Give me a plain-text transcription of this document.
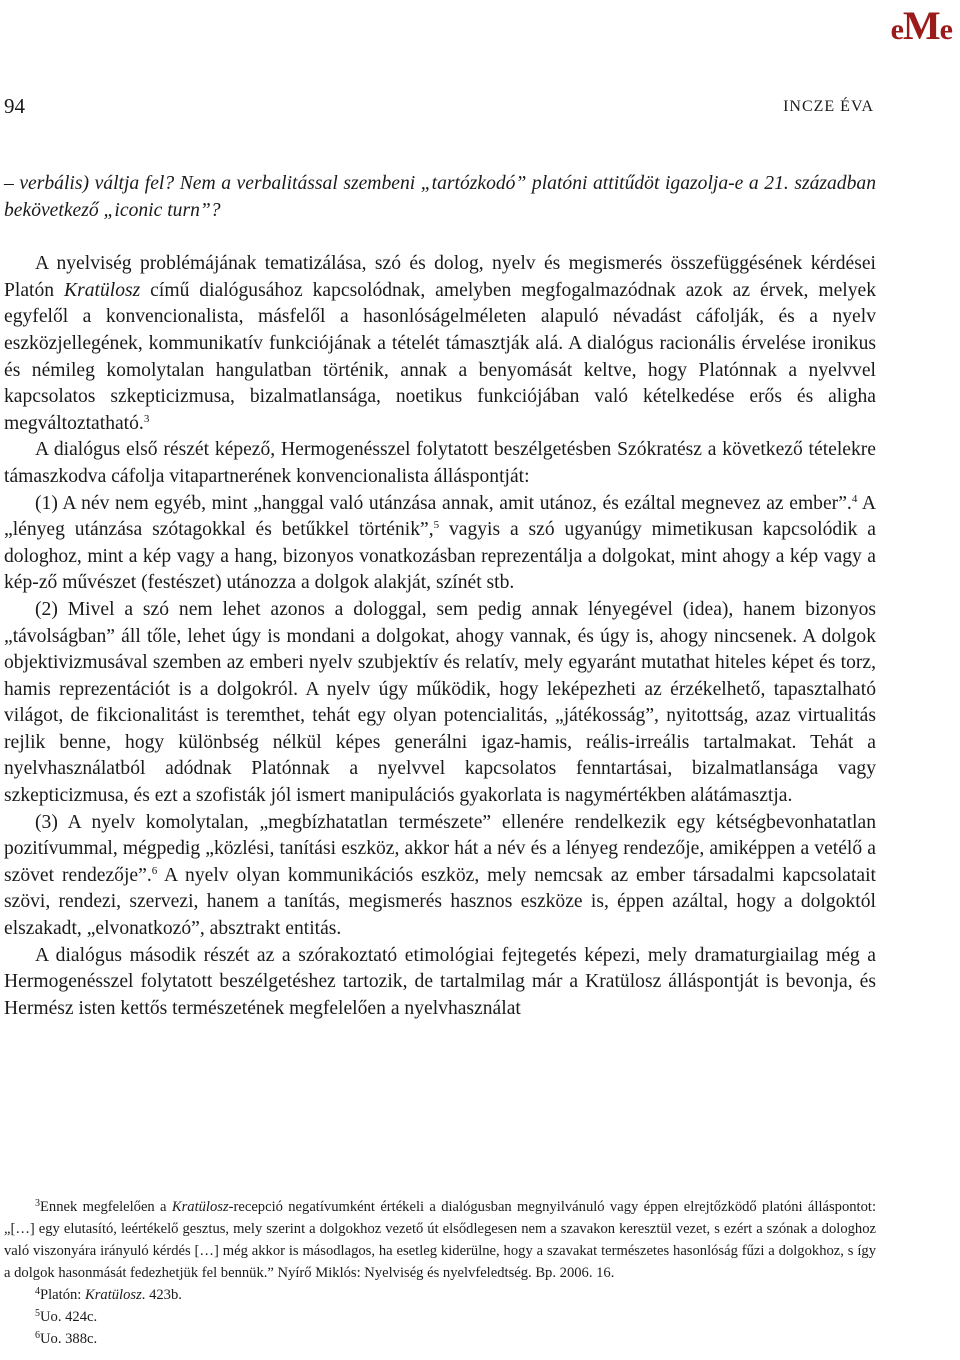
eMe
94	INCZE ÉVA

– verbális) váltja fel? Nem a verbalitással szembeni „tartózkodó” platóni attitűdöt igazolja-e a 21. században bekövetkező „iconic turn”?

A nyelviség problémájának tematizálása, szó és dolog, nyelv és megismerés összefüggésének kérdései Platón Kratülosz című dialógusához kapcsolódnak, amelyben megfogalmazódnak azok az érvek, melyek egyfelől a konvencionalista, másfelől a hasonlóságelméleten alapuló névadást cáfolják, és a nyelv eszközjellegének, kommunikatív funkciójának a tételét támasztják alá. A dialógus racionális érvelése ironikus és némileg komolytalan hangulatban történik, annak a benyomását keltve, hogy Platónnak a nyelvvel kapcsolatos szkepticizmusa, bizalmatlansága, noetikus funkciójában való kételkedése erős és aligha megváltoztatható.$^3$

A dialógus első részét képező, Hermogenésszel folytatott beszélgetésben Szókratész a következő tételekre támaszkodva cáfolja vitapartnerének konvencionalista álláspontját:

(1) A név nem egyéb, mint „hanggal való utánzása annak, amit utánoz, és ezáltal megnevez az ember”.$^4$ A „lényeg utánzása szótagokkal és betűkkel történik”,$^5$ vagyis a szó ugyanúgy mimetikusan kapcsolódik a dologhoz, mint a kép vagy a hang, bizonyos vonatkozásban reprezentálja a dolgokat, mint ahogy a kép vagy a kép-ző művészet (festészet) utánozza a dolgok alakját, színét stb.

(2) Mivel a szó nem lehet azonos a dologgal, sem pedig annak lényegével (idea), hanem bizonyos „távolságban” áll tőle, lehet úgy is mondani a dolgokat, ahogy vannak, és úgy is, ahogy nincsenek. A dolgok objektivizmusával szemben az emberi nyelv szubjektív és relatív, mely egyaránt mutathat hiteles képet és torz, hamis reprezentációt is a dolgokról. A nyelv úgy működik, hogy leképezheti az érzékelhető, tapasztalható világot, de fikcionalitást is teremthet, tehát egy olyan potencialitás, „játékosság”, nyitottság, azaz virtualitás rejlik benne, hogy különbség nélkül képes generálni igaz-hamis, reális-irreális tartalmakat. Tehát a nyelvhasználatból adódnak Platónnak a nyelvvel kapcsolatos fenntartásai, bizalmatlansága vagy szkepticizmusa, és ezt a szofisták jól ismert manipulációs gyakorlata is nagymértékben alátámasztja.

(3) A nyelv komolytalan, „megbízhatatlan természete” ellenére rendelkezik egy kétségbevonhatatlan pozitívummal, mégpedig „közlési, tanítási eszköz, akkor hát a név és a lényeg rendezője, amiképpen a vetélő a szövet rendezője”.$^6$ A nyelv olyan kommunikációs eszköz, mely nemcsak az ember társadalmi kapcsolatait szövi, rendezi, szervezi, hanem a tanítás, megismerés hasznos eszköze is, éppen azáltal, hogy a dolgoktól elszakadt, „elvonatkozó”, absztrakt entitás.

A dialógus második részét az a szórakoztató etimológiai fejtegetés képezi, mely dramaturgiailag még a Hermogenésszel folytatott beszélgetéshez tartozik, de tartalmilag már a Kratülosz álláspontját is bevonja, és Hermész isten kettős természetének megfelelően a nyelvhasználat

$^3$Ennek megfelelően a Kratülosz-recepció negatívumként értékeli a dialógusban megnyilvánuló vagy éppen elrejtőzködő platóni álláspontot: „[…] egy elutasító, leértékelő gesztus, mely szerint a dolgokhoz vezető út elsődlegesen nem a szavakon keresztül vezet, s ezért a szónak a dologhoz való viszonyára irányuló kérdés […] még akkor is másodlagos, ha esetleg kiderülne, hogy a szavakat természetes hasonlóság fűzi a dolgokhoz, s így a dolgok hasonmását fedezhetjük fel bennük.” Nyírő Miklós: Nyelviség és nyelvfeledtség. Bp. 2006. 16.

$^4$Platón: Kratülosz. 423b.

$^5$Uo. 424c.

$^6$Uo. 388c.
